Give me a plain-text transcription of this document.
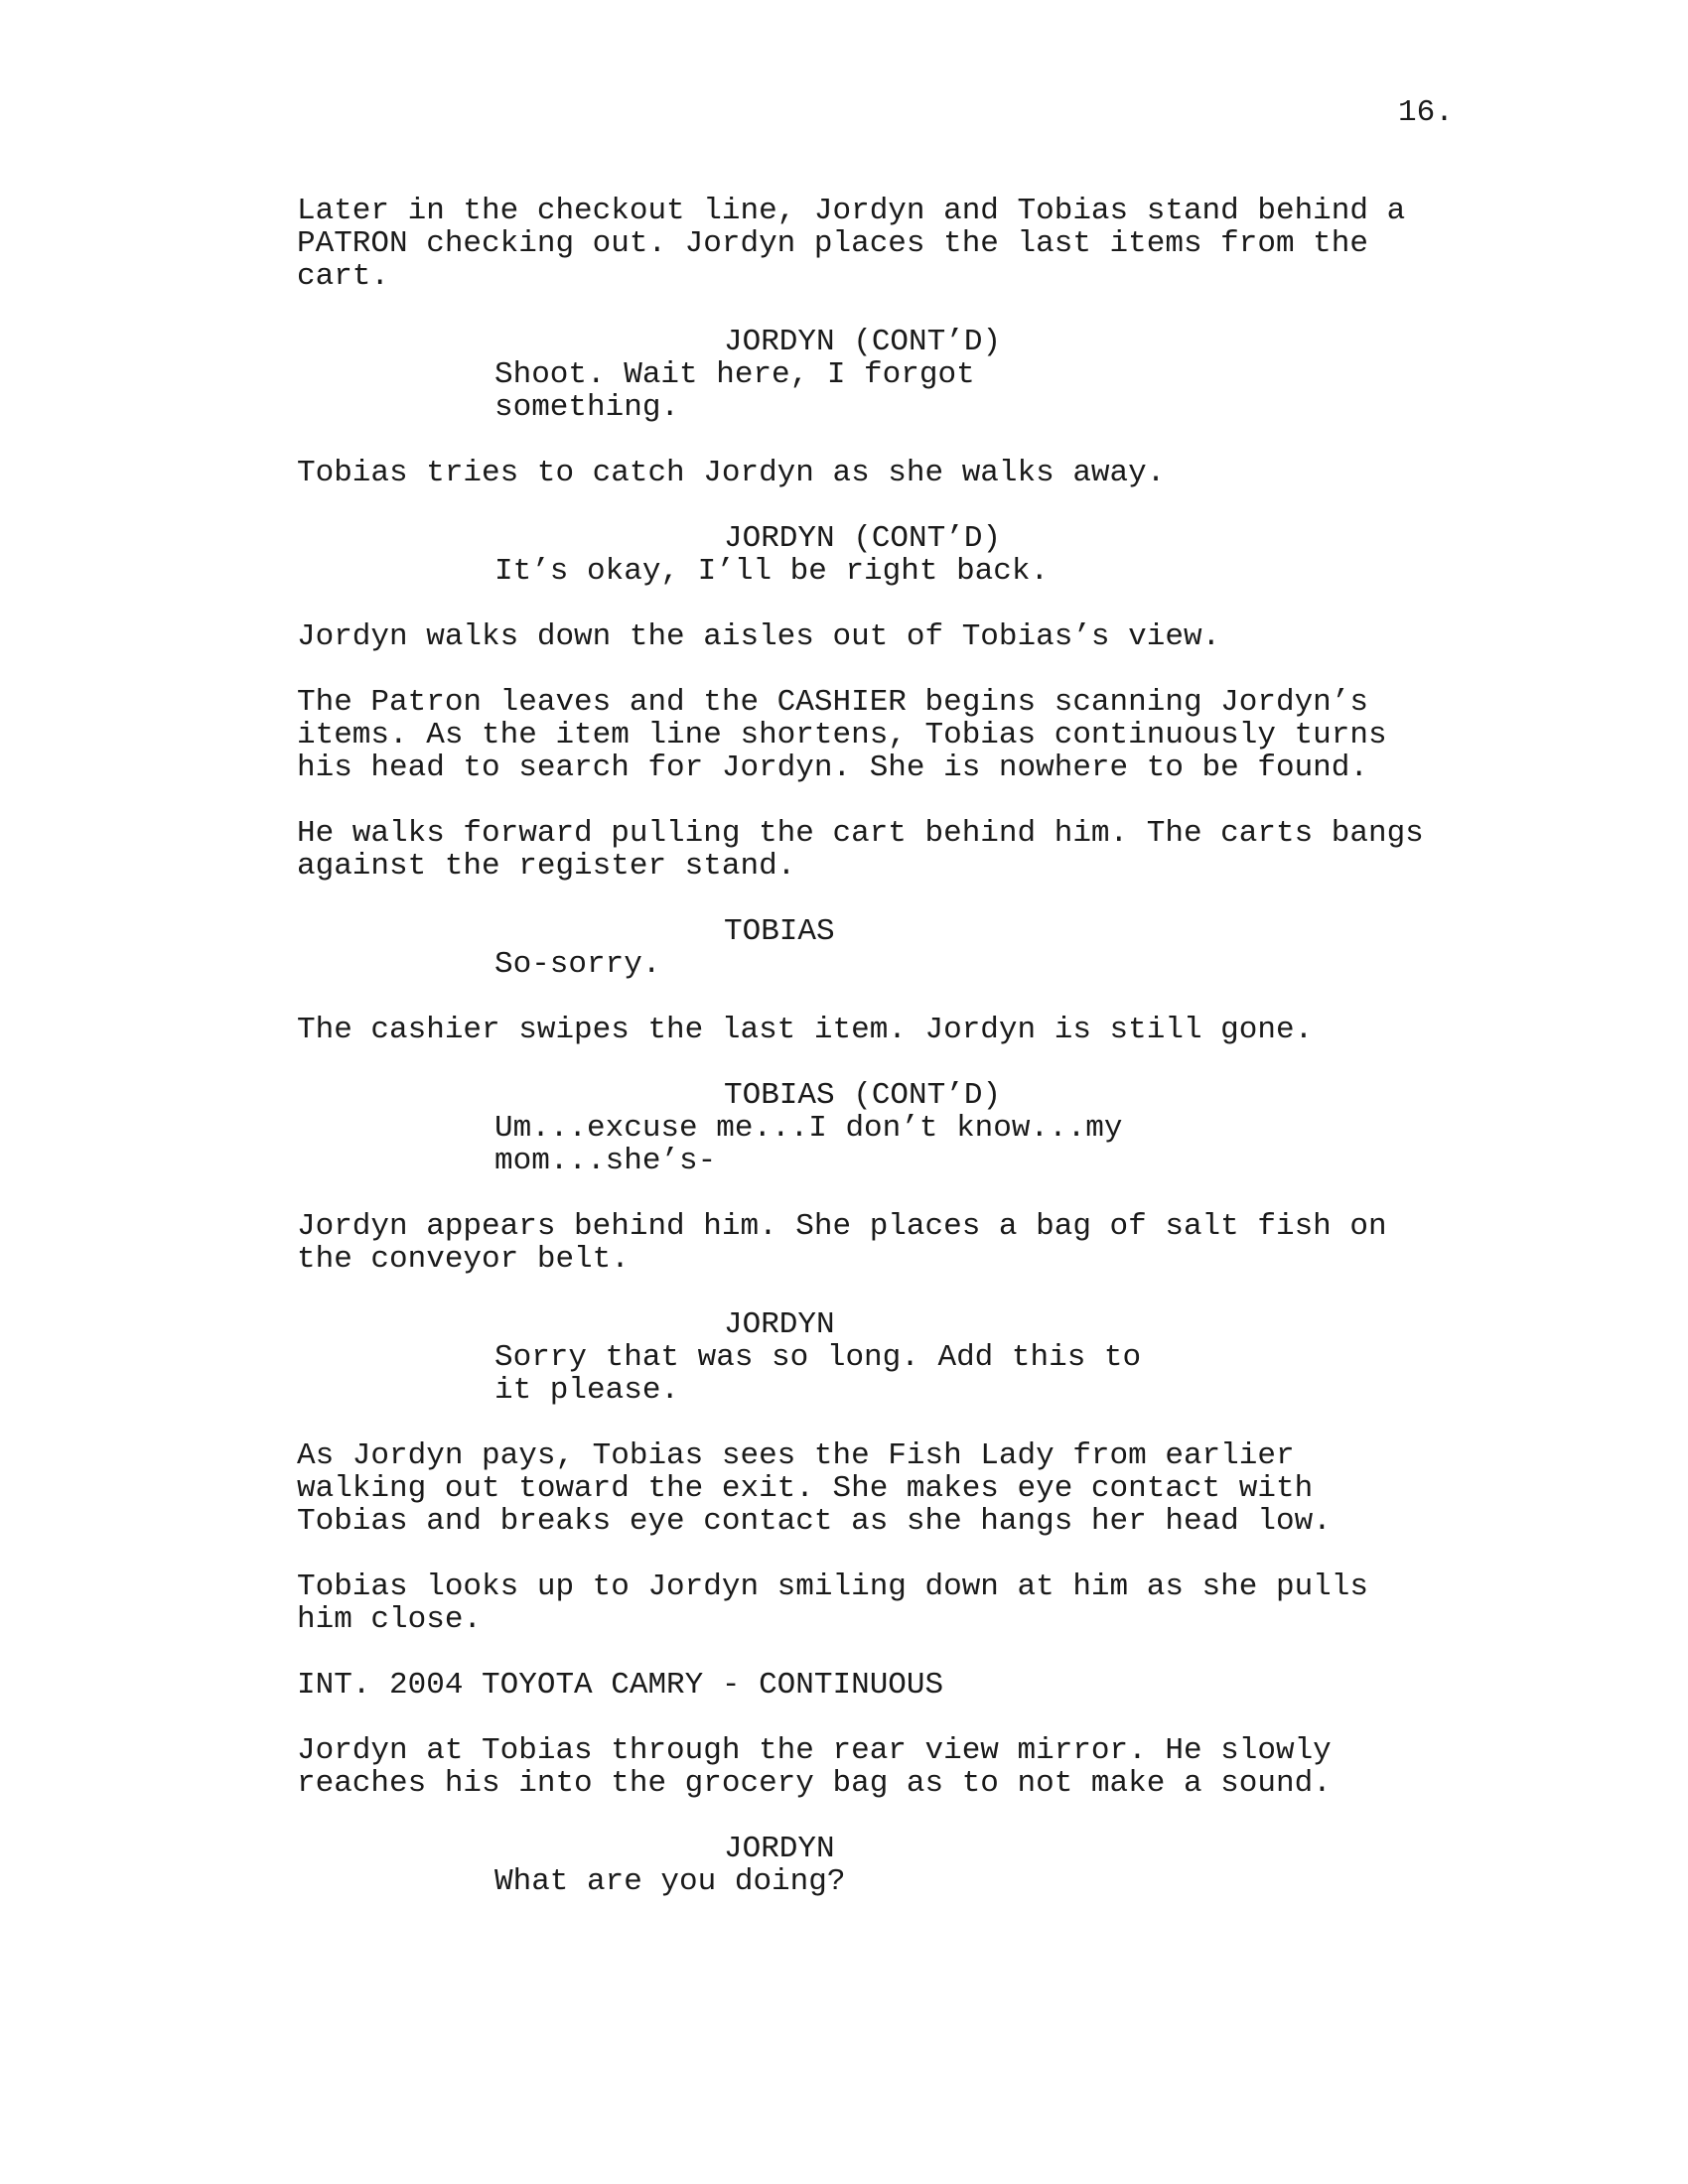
16.

Later in the checkout line, Jordyn and Tobias stand behind a
PATRON checking out. Jordyn places the last items from the
cart.
JORDYN (CONT’D)
Shoot. Wait here, I forgot
something.
Tobias tries to catch Jordyn as she walks away.
JORDYN (CONT’D)
It’s okay, I’ll be right back.
Jordyn walks down the aisles out of Tobias’s view.
The Patron leaves and the CASHIER begins scanning Jordyn’s
items. As the item line shortens, Tobias continuously turns
his head to search for Jordyn. She is nowhere to be found.
He walks forward pulling the cart behind him. The carts bangs
against the register stand.
TOBIAS
So-sorry.
The cashier swipes the last item. Jordyn is still gone.
TOBIAS (CONT’D)
Um...excuse me...I don’t know...my
mom...she’s-
Jordyn appears behind him. She places a bag of salt fish on
the conveyor belt.
JORDYN
Sorry that was so long. Add this to
it please.
As Jordyn pays, Tobias sees the Fish Lady from earlier
walking out toward the exit. She makes eye contact with
Tobias and breaks eye contact as she hangs her head low.
Tobias looks up to Jordyn smiling down at him as she pulls
him close.
INT. 2004 TOYOTA CAMRY - CONTINUOUS
Jordyn at Tobias through the rear view mirror. He slowly
reaches his into the grocery bag as to not make a sound.
JORDYN
What are you doing?
